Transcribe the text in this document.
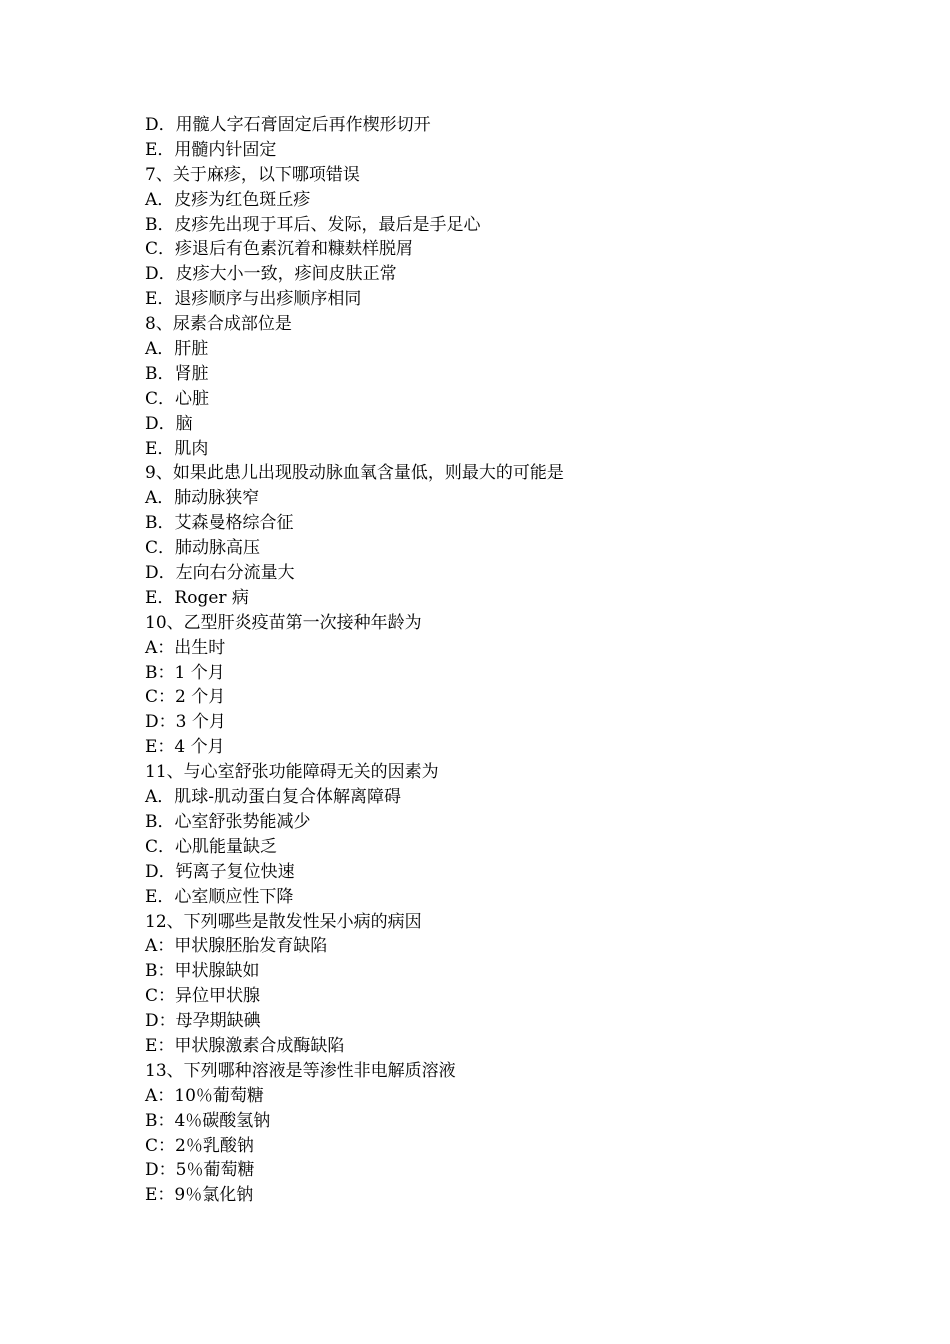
D．用髋人字石膏固定后再作楔形切开
E．用髓内针固定
7、关于麻疹，以下哪项错误
A．皮疹为红色斑丘疹
B．皮疹先出现于耳后、发际，最后是手足心
C．疹退后有色素沉着和糠麸样脱屑
D．皮疹大小一致，疹间皮肤正常
E．退疹顺序与出疹顺序相同
8、尿素合成部位是
A．肝脏
B．肾脏
C．心脏
D．脑
E．肌肉
9、如果此患儿出现股动脉血氧含量低，则最大的可能是
A．肺动脉狭窄
B．艾森曼格综合征
C．肺动脉高压
D．左向右分流量大
E．Roger 病
10、乙型肝炎疫苗第一次接种年龄为
A：出生时
B：1 个月
C：2 个月
D：3 个月
E：4 个月
11、与心室舒张功能障碍无关的因素为
A．肌球-肌动蛋白复合体解离障碍
B．心室舒张势能减少
C．心肌能量缺乏
D．钙离子复位快速
E．心室顺应性下降
12、下列哪些是散发性呆小病的病因
A：甲状腺胚胎发育缺陷
B：甲状腺缺如
C：异位甲状腺
D：母孕期缺碘
E：甲状腺激素合成酶缺陷
13、下列哪种溶液是等渗性非电解质溶液
A：10％葡萄糖
B：4％碳酸氢钠
C：2％乳酸钠
D：5％葡萄糖
E：9％氯化钠
